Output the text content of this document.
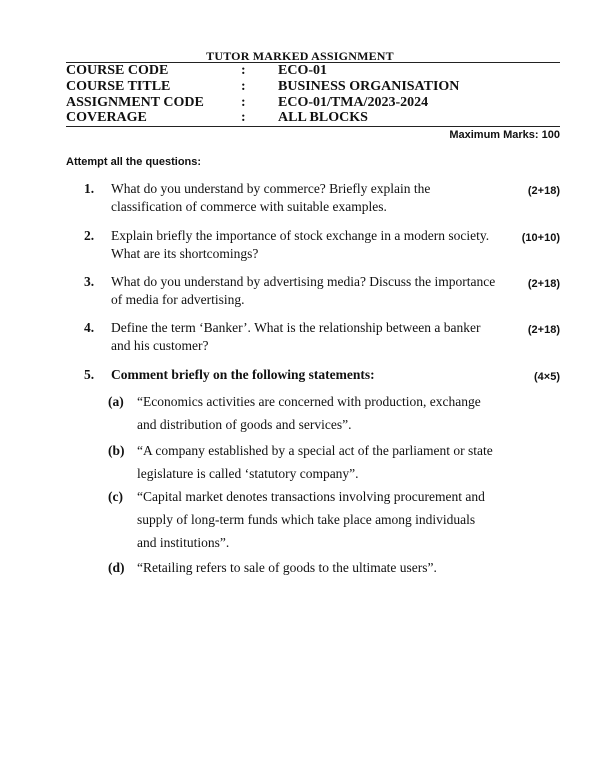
TUTOR MARKED ASSIGNMENT
COURSE CODE	: ECO-01
COURSE TITLE	: BUSINESS ORGANISATION
ASSIGNMENT CODE	: ECO-01/TMA/2023-2024
COVERAGE	: ALL BLOCKS
Maximum Marks: 100
Attempt all the questions:
1. What do you understand by commerce? Briefly explain the
classification of commerce with suitable examples.
(2+18)
2. Explain briefly the importance of stock exchange in a modern society.
What are its shortcomings?
(10+10)
3. What do you understand by advertising media? Discuss the importance
of media for advertising.
(2+18)
4. Define the term ‘Banker’. What is the relationship between a banker
and his customer?
(2+18)
5. Comment briefly on the following statements:	(4×5)
(a) “Economics activities are concerned with production, exchange
and distribution of goods and services”.
(b) “A company established by a special act of the parliament or state
legislature is called ‘statutory company”.
(c) “Capital market denotes transactions involving procurement and
supply of long-term funds which take place among individuals
and institutions”.
(d) “Retailing refers to sale of goods to the ultimate users”.
